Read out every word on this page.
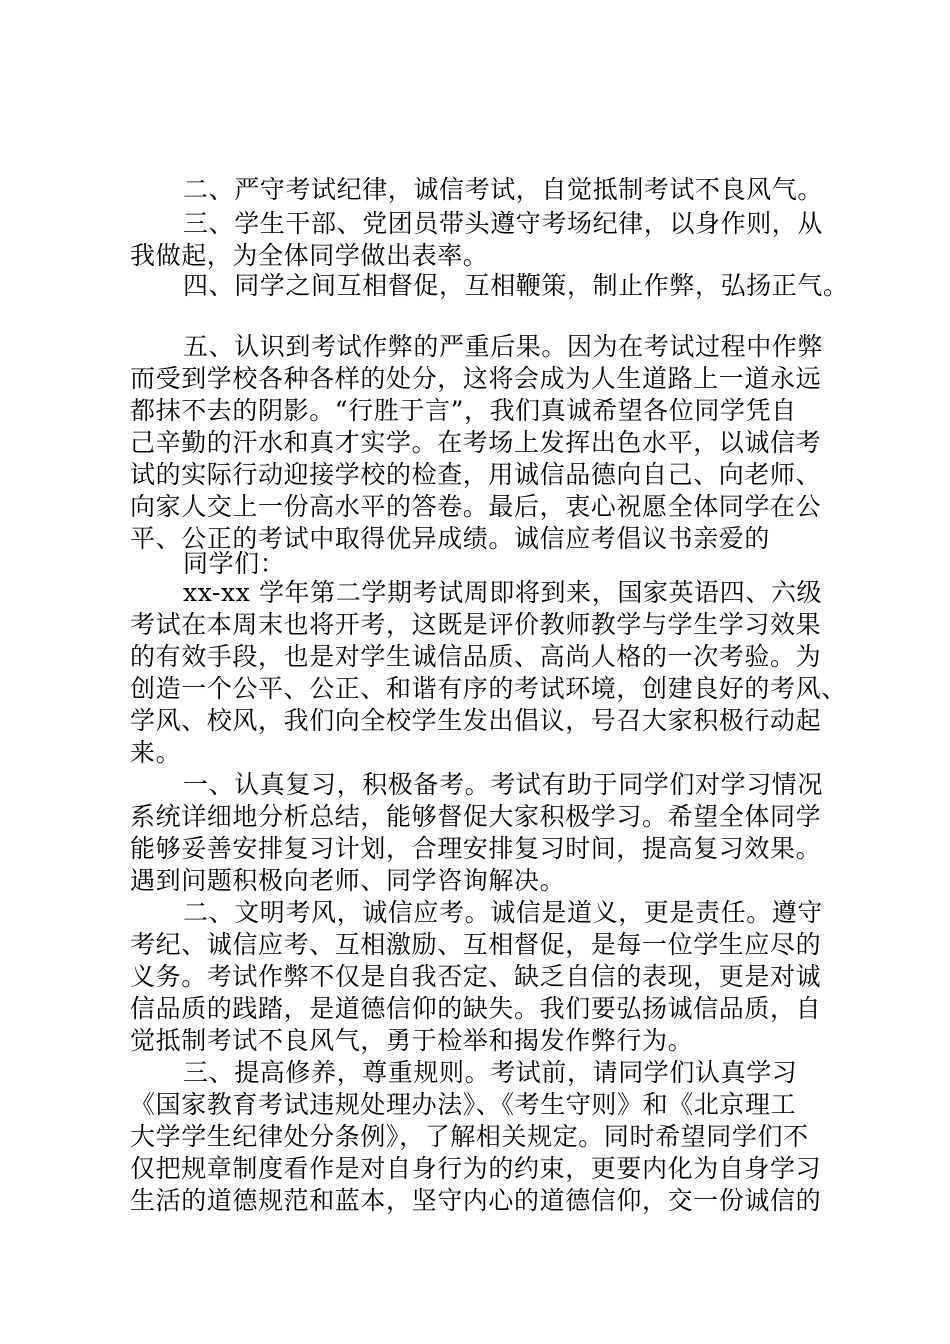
二、严守考试纪律，诚信考试，自觉抵制考试不良风气。
三、学生干部、党团员带头遵守考场纪律，以身作则，从
我做起，为全体同学做出表率。
四、同学之间互相督促，互相鞭策，制止作弊，弘扬正气。
五、认识到考试作弊的严重后果。因为在考试过程中作弊
而受到学校各种各样的处分，这将会成为人生道路上一道永远
都抹不去的阴影。“行胜于言”，我们真诚希望各位同学凭自
己辛勤的汗水和真才实学。在考场上发挥出色水平，以诚信考
试的实际行动迎接学校的检查，用诚信品德向自己、向老师、
向家人交上一份高水平的答卷。最后，衷心祝愿全体同学在公
平、公正的考试中取得优异成绩。诚信应考倡议书亲爱的
同学们：
xx-xx 学年第二学期考试周即将到来，国家英语四、六级
考试在本周末也将开考，这既是评价教师教学与学生学习效果
的有效手段，也是对学生诚信品质、高尚人格的一次考验。为
创造一个公平、公正、和谐有序的考试环境，创建良好的考风、
学风、校风，我们向全校学生发出倡议，号召大家积极行动起
来。
一、认真复习，积极备考。考试有助于同学们对学习情况
系统详细地分析总结，能够督促大家积极学习。希望全体同学
能够妥善安排复习计划，合理安排复习时间，提高复习效果。
遇到问题积极向老师、同学咨询解决。
二、文明考风，诚信应考。诚信是道义，更是责任。遵守
考纪、诚信应考、互相激励、互相督促，是每一位学生应尽的
义务。考试作弊不仅是自我否定、缺乏自信的表现，更是对诚
信品质的践踏，是道德信仰的缺失。我们要弘扬诚信品质，自
觉抵制考试不良风气，勇于检举和揭发作弊行为。
三、提高修养，尊重规则。考试前，请同学们认真学习
《国家教育考试违规处理办法》、《考生守则》和《北京理工
大学学生纪律处分条例》，了解相关规定。同时希望同学们不
仅把规章制度看作是对自身行为的约束，更要内化为自身学习
生活的道德规范和蓝本，坚守内心的道德信仰，交一份诚信的
